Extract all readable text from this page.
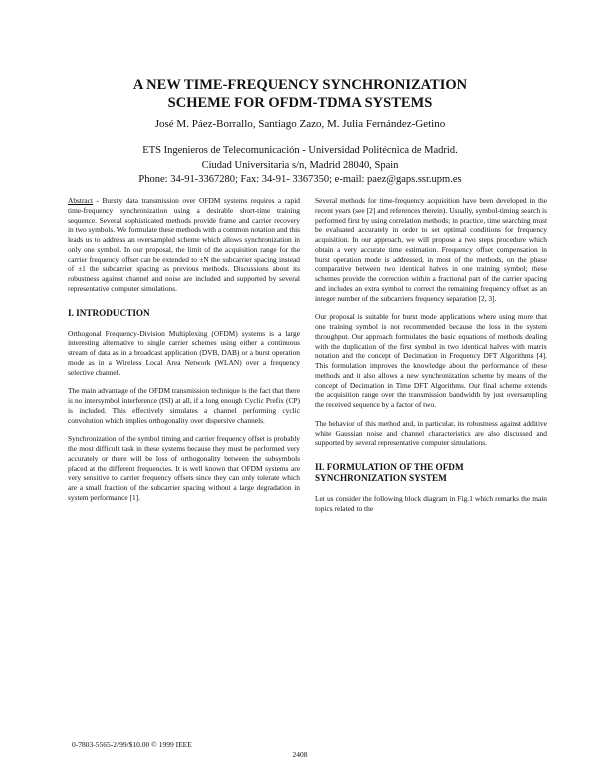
A NEW TIME-FREQUENCY SYNCHRONIZATION
SCHEME FOR OFDM-TDMA SYSTEMS

José M. Páez-Borrallo, Santiago Zazo, M. Julia Fernández-Getino

ETS Ingenieros de Telecomunicación - Universidad Politécnica de Madrid.
Ciudad Universitaria s/n, Madrid 28040, Spain
Phone: 34-91-3367280; Fax: 34-91- 3367350; e-mail: paez@gaps.ssr.upm.es

Abstract - Bursty data transmission over OFDM systems requires a rapid time-frequency synchronization using a desirable short-time training sequence. Several sophisticated methods provide frame and carrier recovery in two symbols. We formulate these methods with a common notation and this leads us to address an oversampled scheme which allows synchronization in only one symbol. In our proposal, the limit of the acquisition range for the carrier frequency offset can be extended to ±N the subcarrier spacing instead of ±1 the subcarrier spacing as previous methods. Discussions about its robustness against channel and noise are included and supported by several representative computer simulations.

I. INTRODUCTION

Orthogonal Frequency-Division Multiplexing (OFDM) systems is a large interesting alternative to single carrier schemes using either a continuous stream of data as in a broadcast application (DVB, DAB) or a burst operation mode as in a Wireless Local Area Network (WLAN) over a frequency selective channel.

The main advantage of the OFDM transmission technique is the fact that there is no intersymbol interference (ISI) at all, if a long enough Cyclic Prefix (CP) is included. This effectively simulates a channel performing cyclic convolution which implies orthogonality over dispersive channels.

Synchronization of the symbol timing and carrier frequency offset is probably the most difficult task in these systems because they must be performed very accurately or there will be loss of orthogonality between the subsymbols placed at the different frequencies. It is well known that OFDM systems are very sensitive to carrier frequency offsets since they can only tolerate which are a small fraction of the subcarrier spacing without a large degradation in system performance [1].

Several methods for time-frequency acquisition have been developed in the recent years (see [2] and references therein). Usually, symbol-timing search is performed first by using correlation methods; in practice, time searching must be evaluated accurately in order to set optimal conditions for frequency acquisition. In our approach, we will propose a two steps procedure which obtain a very accurate time estimation. Frequency offset compensation in burst operation mode is addressed, in most of the methods, on the phase comparative between two identical halves in one training symbol; these schemes provide the correction within a fractional part of the carrier spacing and includes an extra symbol to correct the remaining frequency offset as an integer number of the subcarriers frequency separation [2, 3].

Our proposal is suitable for burst mode applications where using more that one training symbol is not recommended because the loss in the system throughput. Our approach formulates the basic equations of methods dealing with the duplication of the first symbol in two identical halves with matrix notation and the concept of Decimation in Frequency DFT Algorithms [4]. This formulation improves the knowledge about the performance of these methods and it also allows a new synchronization scheme by means of the concept of Decimation in Time DFT Algorithms. Our final scheme extends the acquisition range over the transmission bandwidth by just oversampling the received sequence by a factor of two.

The behavior of this method and, in particular, its robustness against additive white Gaussian noise and channel characteristics are also discussed and supported by several representative computer simulations.

II. FORMULATION OF THE OFDM
SYNCHRONIZATION SYSTEM

Let us consider the following block diagram in Fig.1 which remarks the main topics related to the

0-7803-5565-2/99/$10.00 © 1999 IEEE

2408
